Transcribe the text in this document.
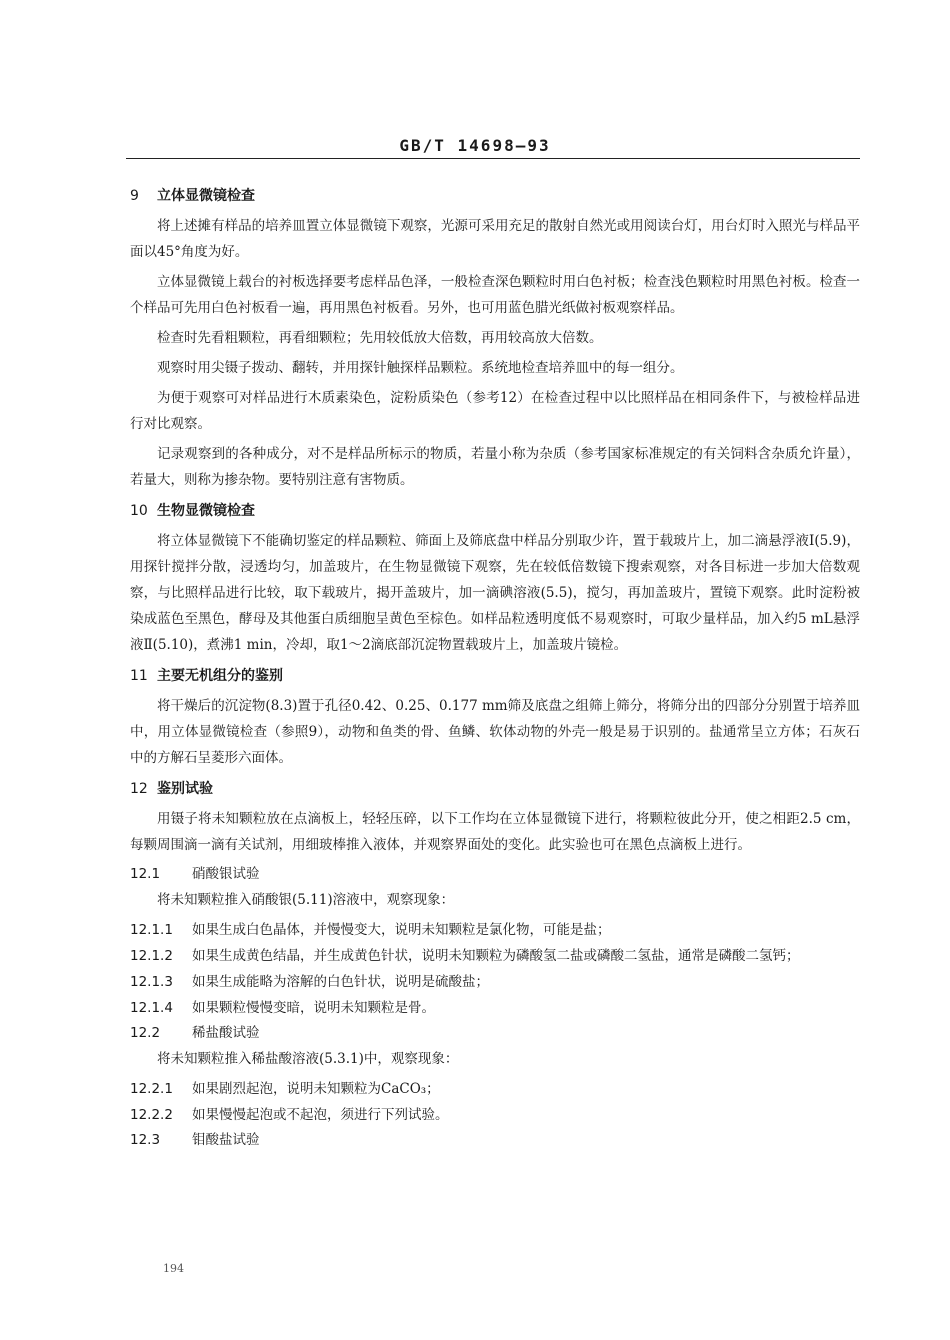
GB/T 14698—93
9 立体显微镜检查

将上述摊有样品的培养皿置立体显微镜下观察，光源可采用充足的散射自然光或用阅读台灯，用台灯时入照光与样品平面以45°角度为好。

立体显微镜上载台的衬板选择要考虑样品色泽，一般检查深色颗粒时用白色衬板；检查浅色颗粒时用黑色衬板。检查一个样品可先用白色衬板看一遍，再用黑色衬板看。另外，也可用蓝色腊光纸做衬板观察样品。

检查时先看粗颗粒，再看细颗粒；先用较低放大倍数，再用较高放大倍数。

观察时用尖镊子拨动、翻转，并用探针触探样品颗粒。系统地检查培养皿中的每一组分。

为便于观察可对样品进行木质素染色，淀粉质染色（参考12）在检查过程中以比照样品在相同条件下，与被检样品进行对比观察。

记录观察到的各种成分，对不是样品所标示的物质，若量小称为杂质（参考国家标准规定的有关饲料含杂质允许量），若量大，则称为掺杂物。要特别注意有害物质。

10 生物显微镜检查

将立体显微镜下不能确切鉴定的样品颗粒、筛面上及筛底盘中样品分别取少许，置于载玻片上，加二滴悬浮液Ⅰ(5.9)，用探针搅拌分散，浸透均匀，加盖玻片，在生物显微镜下观察，先在较低倍数镜下搜索观察，对各目标进一步加大倍数观察，与比照样品进行比较，取下载玻片，揭开盖玻片，加一滴碘溶液(5.5)，搅匀，再加盖玻片，置镜下观察。此时淀粉被染成蓝色至黑色，酵母及其他蛋白质细胞呈黄色至棕色。如样品粒透明度低不易观察时，可取少量样品，加入约5 mL悬浮液Ⅱ(5.10)，煮沸1 min，冷却，取1～2滴底部沉淀物置载玻片上，加盖玻片镜检。

11 主要无机组分的鉴别

将干燥后的沉淀物(8.3)置于孔径0.42、0.25、0.177 mm筛及底盘之组筛上筛分，将筛分出的四部分分别置于培养皿中，用立体显微镜检查（参照9），动物和鱼类的骨、鱼鳞、软体动物的外壳一般是易于识别的。盐通常呈立方体；石灰石中的方解石呈菱形六面体。

12 鉴别试验

用镊子将未知颗粒放在点滴板上，轻轻压碎，以下工作均在立体显微镜下进行，将颗粒彼此分开，使之相距2.5 cm，每颗周围滴一滴有关试剂，用细玻棒推入液体，并观察界面处的变化。此实验也可在黑色点滴板上进行。

12.1 硝酸银试验

将未知颗粒推入硝酸银(5.11)溶液中，观察现象：

12.1.1 如果生成白色晶体，并慢慢变大，说明未知颗粒是氯化物，可能是盐；
12.1.2 如果生成黄色结晶，并生成黄色针状，说明未知颗粒为磷酸氢二盐或磷酸二氢盐，通常是磷酸二氢钙；
12.1.3 如果生成能略为溶解的白色针状，说明是硫酸盐；
12.1.4 如果颗粒慢慢变暗，说明未知颗粒是骨。
12.2 稀盐酸试验

将未知颗粒推入稀盐酸溶液(5.3.1)中，观察现象：

12.2.1 如果剧烈起泡，说明未知颗粒为CaCO₃；
12.2.2 如果慢慢起泡或不起泡，须进行下列试验。
12.3 钼酸盐试验
194
